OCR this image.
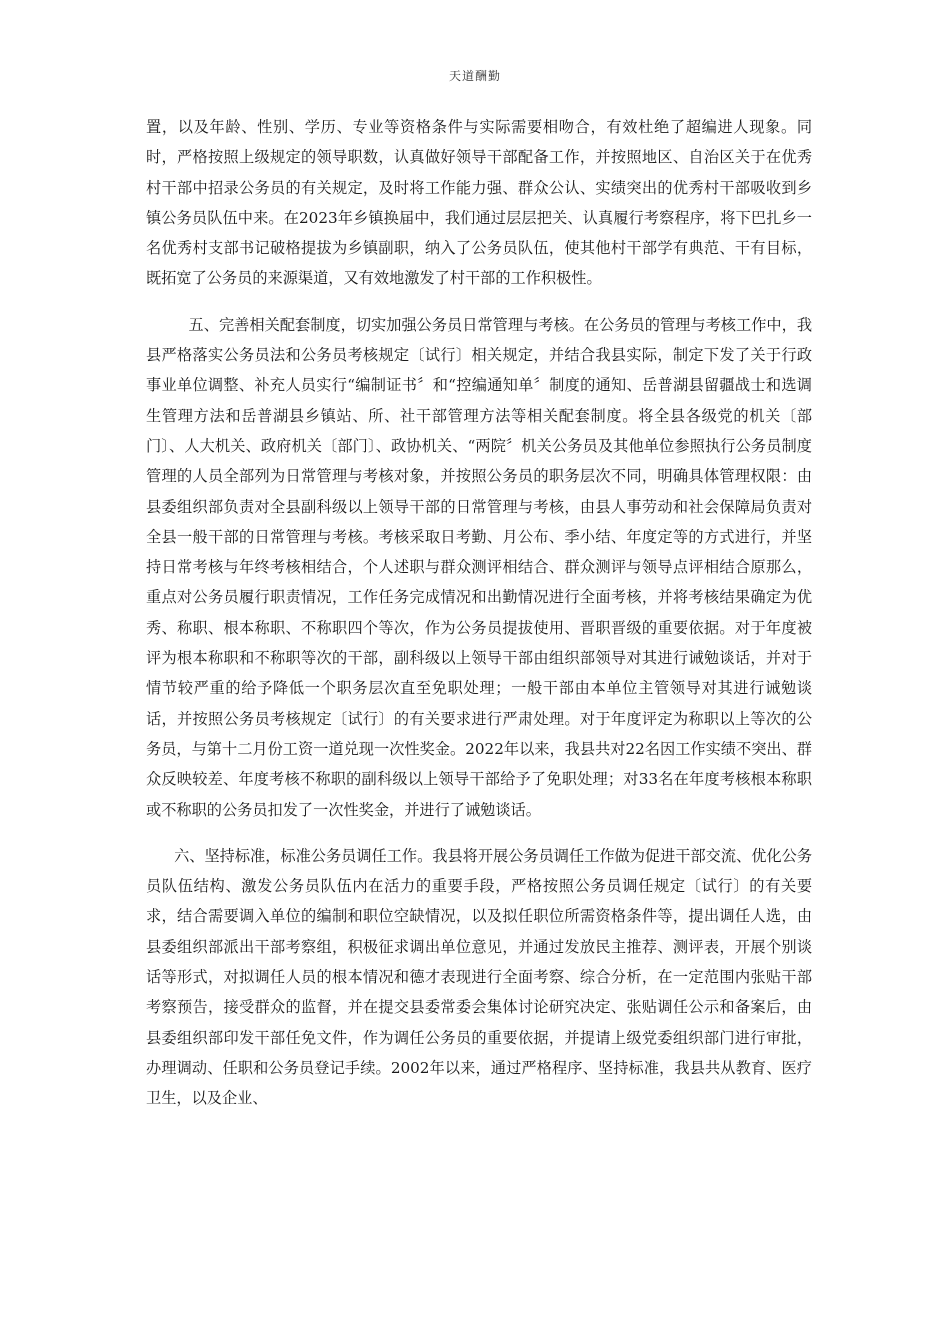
天道酬勤

置，以及年龄、性别、学历、专业等资格条件与实际需要相吻合，有效杜绝了超编进人现象。同时，严格按照上级规定的领导职数，认真做好领导干部配备工作，并按照地区、自治区关于在优秀村干部中招录公务员的有关规定，及时将工作能力强、群众公认、实绩突出的优秀村干部吸收到乡镇公务员队伍中来。在2023年乡镇换届中，我们通过层层把关、认真履行考察程序，将下巴扎乡一名优秀村支部书记破格提拔为乡镇副职，纳入了公务员队伍，使其他村干部学有典范、干有目标，既拓宽了公务员的来源渠道，又有效地激发了村干部的工作积极性。

五、完善相关配套制度，切实加强公务员日常管理与考核。在公务员的管理与考核工作中，我县严格落实公务员法和公务员考核规定〔试行〕相关规定，并结合我县实际，制定下发了关于行政事业单位调整、补充人员实行“编制证书〞和“控编通知单〞制度的通知、岳普湖县留疆战士和选调生管理方法和岳普湖县乡镇站、所、社干部管理方法等相关配套制度。将全县各级党的机关〔部门〕、人大机关、政府机关〔部门〕、政协机关、“两院〞机关公务员及其他单位参照执行公务员制度管理的人员全部列为日常管理与考核对象，并按照公务员的职务层次不同，明确具体管理权限：由县委组织部负责对全县副科级以上领导干部的日常管理与考核，由县人事劳动和社会保障局负责对全县一般干部的日常管理与考核。考核采取日考勤、月公布、季小结、年度定等的方式进行，并坚持日常考核与年终考核相结合，个人述职与群众测评相结合、群众测评与领导点评相结合原那么，重点对公务员履行职责情况，工作任务完成情况和出勤情况进行全面考核，并将考核结果确定为优秀、称职、根本称职、不称职四个等次，作为公务员提拔使用、晋职晋级的重要依据。对于年度被评为根本称职和不称职等次的干部，副科级以上领导干部由组织部领导对其进行诫勉谈话，并对于情节较严重的给予降低一个职务层次直至免职处理；一般干部由本单位主管领导对其进行诫勉谈话，并按照公务员考核规定〔试行〕的有关要求进行严肃处理。对于年度评定为称职以上等次的公务员，与第十二月份工资一道兑现一次性奖金。2022年以来，我县共对22名因工作实绩不突出、群众反映较差、年度考核不称职的副科级以上领导干部给予了免职处理；对33名在年度考核根本称职或不称职的公务员扣发了一次性奖金，并进行了诫勉谈话。

六、坚持标准，标准公务员调任工作。我县将开展公务员调任工作做为促进干部交流、优化公务员队伍结构、激发公务员队伍内在活力的重要手段，严格按照公务员调任规定〔试行〕的有关要求，结合需要调入单位的编制和职位空缺情况，以及拟任职位所需资格条件等，提出调任人选，由县委组织部派出干部考察组，积极征求调出单位意见，并通过发放民主推荐、测评表，开展个别谈话等形式，对拟调任人员的根本情况和德才表现进行全面考察、综合分析，在一定范围内张贴干部考察预告，接受群众的监督，并在提交县委常委会集体讨论研究决定、张贴调任公示和备案后，由县委组织部印发干部任免文件，作为调任公务员的重要依据，并提请上级党委组织部门进行审批，办理调动、任职和公务员登记手续。2002年以来，通过严格程序、坚持标准，我县共从教育、医疗卫生，以及企业、
